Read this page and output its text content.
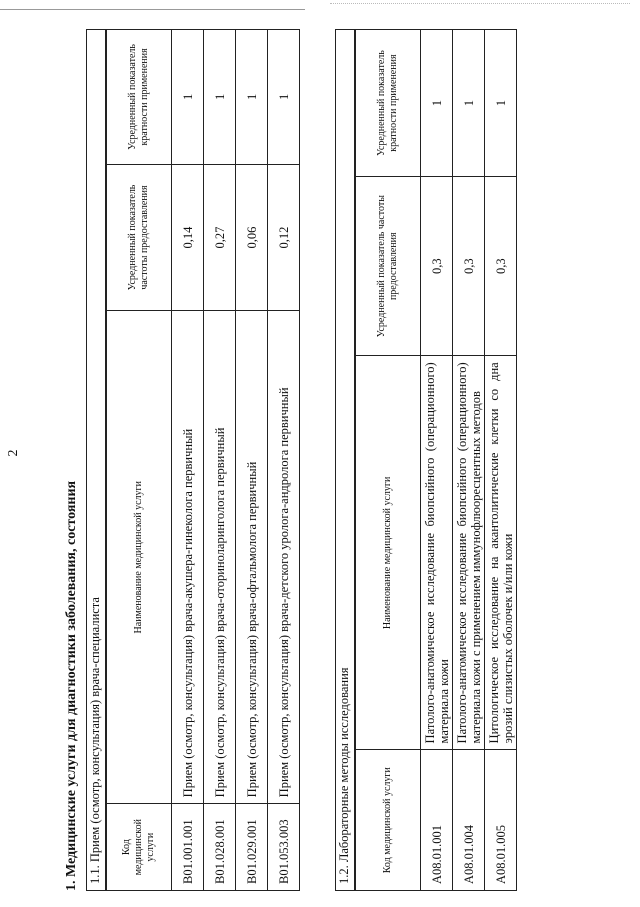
2
1. Медицинские услуги для диагностики заболевания, состояния 1.1. Прием (осмотр, консультация) врача-специалиста	Код медицинской услуги	Наименование медицинской услуги	Усредненный показатель частоты предоставления	Усредненный показатель кратности применения
B01.001.001	Прием (осмотр, консультация) врача-акушера-гинеколога первичный	0,14	1
B01.028.001	Прием (осмотр, консультация) врача-оториноларинголога первичный	0,27	1
B01.029.001	Прием (осмотр, консультация) врача-офтальмолога первичный	0,06	1
B01.053.003	Прием (осмотр, консультация) врача-детского уролога-андролога первичный	0,12	1
1.2. Лабораторные методы исследования	Код медицинской услуги	Наименование медицинской услуги	Усредненный показатель частоты предоставления	Усредненный показатель кратности применения
A08.01.001	Патолого-анатомическое исследование биопсийного (операционного) материала кожи	0,3	1
A08.01.004	Патолого-анатомическое исследование биопсийного (операционного) материала кожи с применением иммунофлюоресцентных методов	0,3	1
A08.01.005	Цитологическое исследование на акантолитические клетки со дна эрозий слизистых оболочек и/или кожи	0,3	1
